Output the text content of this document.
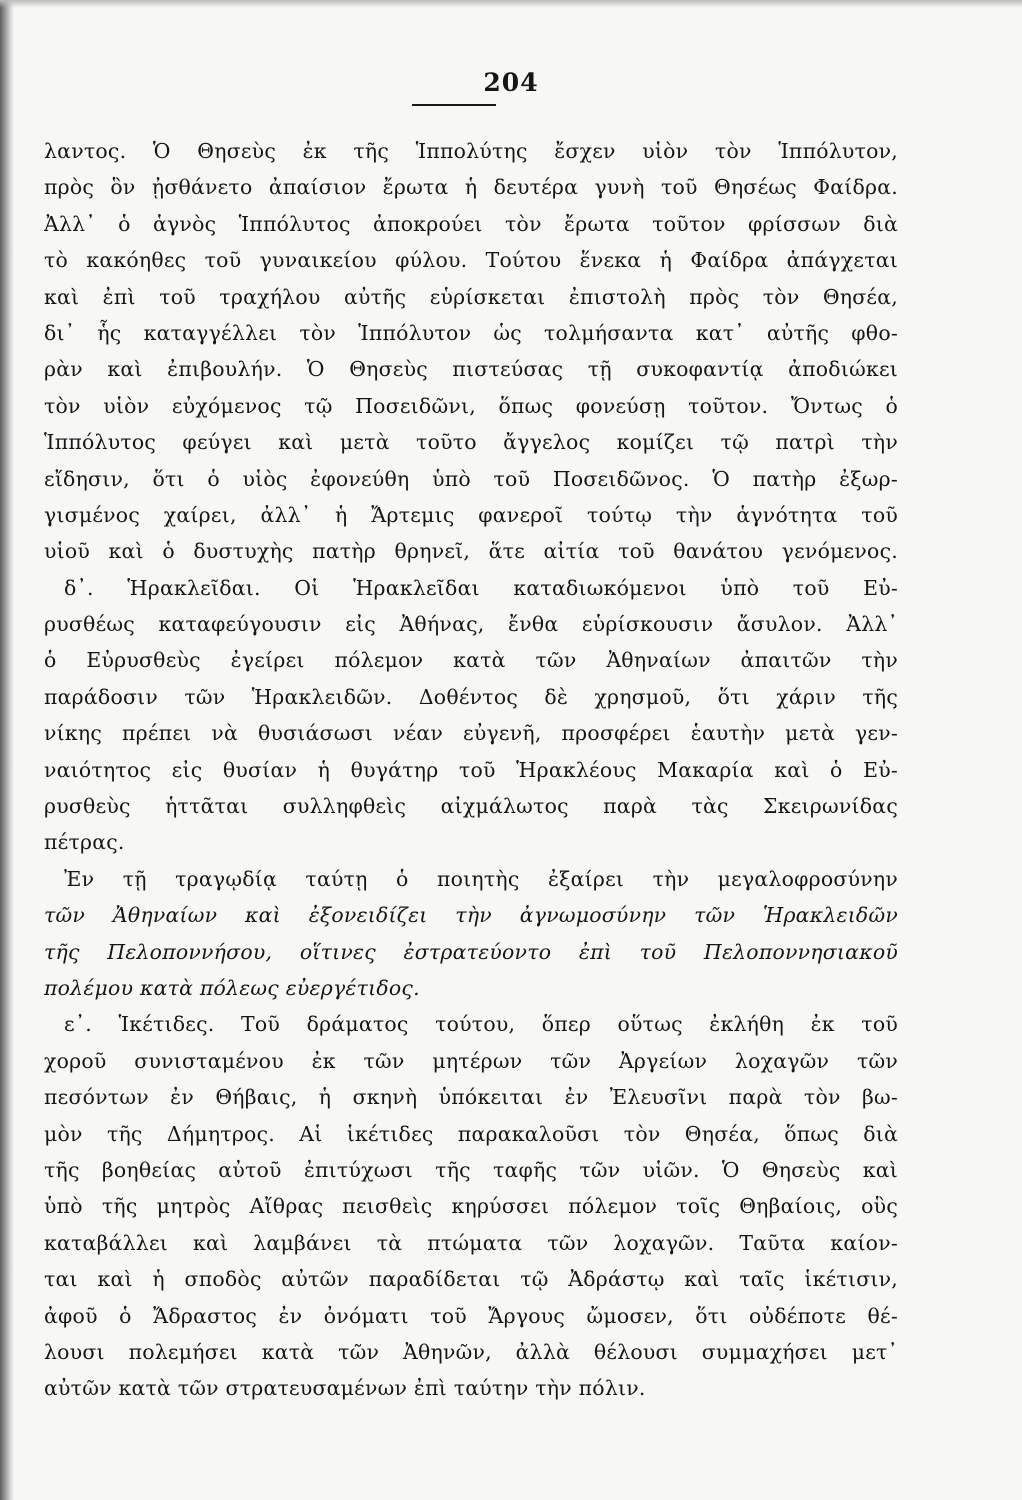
204
λαντος. Ὁ Θησεὺς ἐκ τῆς Ἱππολύτης ἔσχεν υἱὸν τὸν Ἱππόλυτον,
πρὸς ὃν ᾐσθάνετο ἀπαίσιον ἔρωτα ἡ δευτέρα γυνὴ τοῦ Θησέως Φαίδρα.
Ἀλλ᾽ ὁ ἁγνὸς Ἱππόλυτος ἀποκρούει τὸν ἔρωτα τοῦτον φρίσσων διὰ
τὸ κακόηθες τοῦ γυναικείου φύλου. Τούτου ἕνεκα ἡ Φαίδρα ἀπάγχεται
καὶ ἐπὶ τοῦ τραχήλου αὐτῆς εὑρίσκεται ἐπιστολὴ πρὸς τὸν Θησέα,
δι᾽ ἧς καταγγέλλει τὸν Ἱππόλυτον ὡς τολμήσαντα κατ᾽ αὐτῆς φθο-
ρὰν καὶ ἐπιβουλήν. Ὁ Θησεὺς πιστεύσας τῇ συκοφαντίᾳ ἀποδιώκει
τὸν υἱὸν εὐχόμενος τῷ Ποσειδῶνι, ὅπως φονεύσῃ τοῦτον. Ὄντως ὁ
Ἱππόλυτος φεύγει καὶ μετὰ τοῦτο ἄγγελος κομίζει τῷ πατρὶ τὴν
εἴδησιν, ὅτι ὁ υἱὸς ἐφονεύθη ὑπὸ τοῦ Ποσειδῶνος. Ὁ πατὴρ ἐξωρ-
γισμένος χαίρει, ἀλλ᾽ ἡ Ἄρτεμις φανεροῖ τούτῳ τὴν ἁγνότητα τοῦ
υἱοῦ καὶ ὁ δυστυχὴς πατὴρ θρηνεῖ, ἅτε αἰτία τοῦ θανάτου γενόμενος.
δ᾽. Ἡρακλεῖδαι. Οἱ Ἡρακλεῖδαι καταδιωκόμενοι ὑπὸ τοῦ Εὐ-
ρυσθέως καταφεύγουσιν εἰς Ἀθήνας, ἔνθα εὑρίσκουσιν ἄσυλον. Ἀλλ᾽
ὁ Εὐρυσθεὺς ἐγείρει πόλεμον κατὰ τῶν Ἀθηναίων ἀπαιτῶν τὴν
παράδοσιν τῶν Ἡρακλειδῶν. Δοθέντος δὲ χρησμοῦ, ὅτι χάριν τῆς
νίκης πρέπει νὰ θυσιάσωσι νέαν εὐγενῆ, προσφέρει ἑαυτὴν μετὰ γεν-
ναιότητος εἰς θυσίαν ἡ θυγάτηρ τοῦ Ἡρακλέους Μακαρία καὶ ὁ Εὐ-
ρυσθεὺς ἡττᾶται συλληφθεὶς αἰχμάλωτος παρὰ τὰς Σκειρωνίδας
πέτρας.
Ἐν τῇ τραγῳδίᾳ ταύτῃ ὁ ποιητὴς ἐξαίρει τὴν μεγαλοφροσύνην
τῶν Ἀθηναίων καὶ ἐξονειδίζει τὴν ἀγνωμοσύνην τῶν Ἡρακλειδῶν
τῆς Πελοποννήσου, οἵτινες ἐστρατεύοντο ἐπὶ τοῦ Πελοποννησιακοῦ
πολέμου κατὰ πόλεως εὐεργέτιδος.
ε᾽. Ἱκέτιδες. Τοῦ δράματος τούτου, ὅπερ οὕτως ἐκλήθη ἐκ τοῦ
χοροῦ συνισταμένου ἐκ τῶν μητέρων τῶν Ἀργείων λοχαγῶν τῶν
πεσόντων ἐν Θήβαις, ἡ σκηνὴ ὑπόκειται ἐν Ἐλευσῖνι παρὰ τὸν βω-
μὸν τῆς Δήμητρος. Αἱ ἱκέτιδες παρακαλοῦσι τὸν Θησέα, ὅπως διὰ
τῆς βοηθείας αὐτοῦ ἐπιτύχωσι τῆς ταφῆς τῶν υἱῶν. Ὁ Θησεὺς καὶ
ὑπὸ τῆς μητρὸς Αἴθρας πεισθεὶς κηρύσσει πόλεμον τοῖς Θηβαίοις, οὓς
καταβάλλει καὶ λαμβάνει τὰ πτώματα τῶν λοχαγῶν. Ταῦτα καίον-
ται καὶ ἡ σποδὸς αὐτῶν παραδίδεται τῷ Ἀδράστῳ καὶ ταῖς ἱκέτισιν,
ἀφοῦ ὁ Ἄδραστος ἐν ὀνόματι τοῦ Ἄργους ὤμοσεν, ὅτι οὐδέποτε θέ-
λουσι πολεμήσει κατὰ τῶν Ἀθηνῶν, ἀλλὰ θέλουσι συμμαχήσει μετ᾽
αὐτῶν κατὰ τῶν στρατευσαμένων ἐπὶ ταύτην τὴν πόλιν.
